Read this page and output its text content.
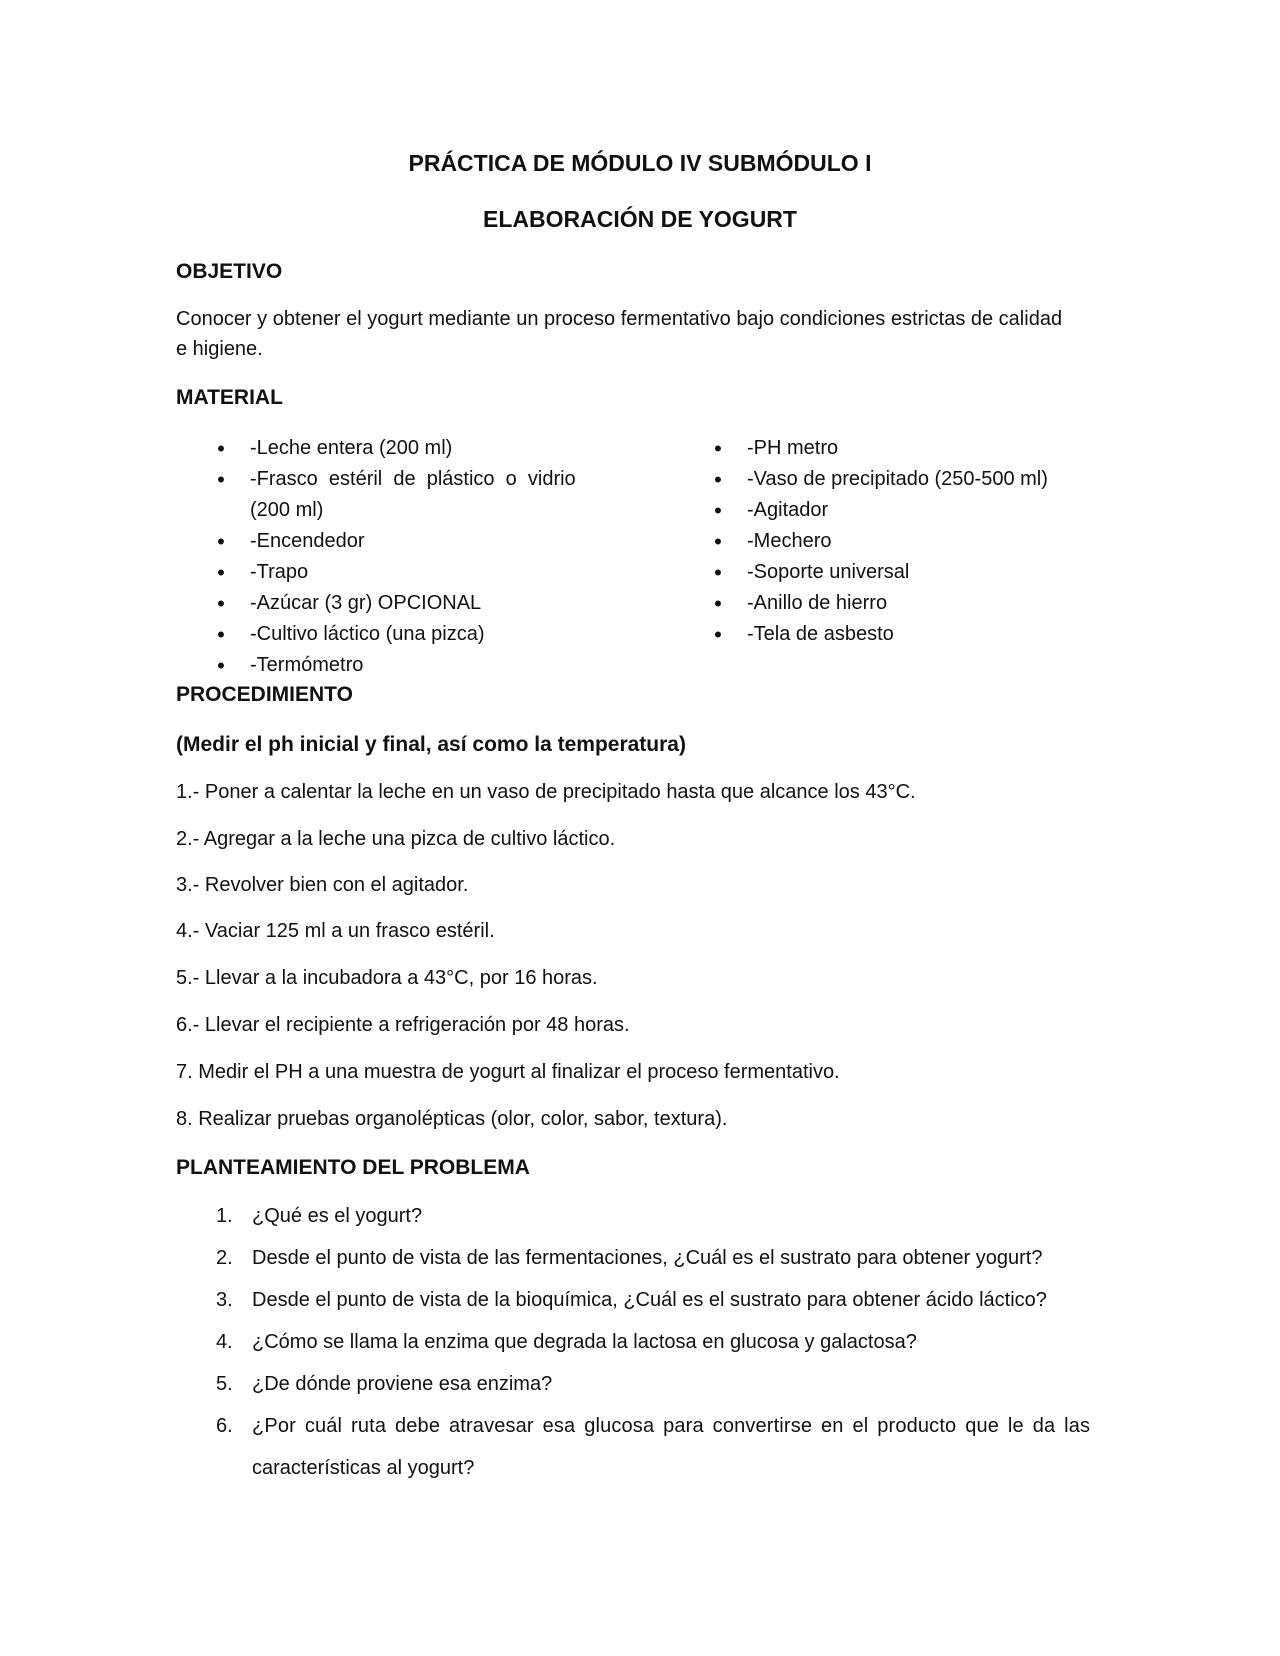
PRÁCTICA DE MÓDULO IV SUBMÓDULO I
ELABORACIÓN DE YOGURT
OBJETIVO
Conocer y obtener el yogurt mediante un proceso fermentativo bajo condiciones estrictas de calidad
e higiene.
MATERIAL
• -Leche entera (200 ml)
• -Frasco  estéril  de  plástico  o  vidrio
(200 ml)
• -Encendedor
• -Trapo
• -Azúcar (3 gr) OPCIONAL
• -Cultivo láctico (una pizca)
• -Termómetro
• -PH metro
• -Vaso de precipitado (250-500 ml)
• -Agitador
• -Mechero
• -Soporte universal
• -Anillo de hierro
• -Tela de asbesto
PROCEDIMIENTO
(Medir el ph inicial y final, así como la temperatura)
1.- Poner a calentar la leche en un vaso de precipitado hasta que alcance los 43°C.
2.- Agregar a la leche una pizca de cultivo láctico.
3.- Revolver bien con el agitador.
4.- Vaciar 125 ml a un frasco estéril.
5.- Llevar a la incubadora a 43°C, por 16 horas.
6.- Llevar el recipiente a refrigeración por 48 horas.
7. Medir el PH a una muestra de yogurt al finalizar el proceso fermentativo.
8. Realizar pruebas organolépticas (olor, color, sabor, textura).
PLANTEAMIENTO DEL PROBLEMA
1. ¿Qué es el yogurt?
2. Desde el punto de vista de las fermentaciones, ¿Cuál es el sustrato para obtener yogurt?
3. Desde el punto de vista de la bioquímica, ¿Cuál es el sustrato para obtener ácido láctico?
4. ¿Cómo se llama la enzima que degrada la lactosa en glucosa y galactosa?
5. ¿De dónde proviene esa enzima?
6. ¿Por cuál ruta debe atravesar esa glucosa para convertirse en el producto que le da las
características al yogurt?
